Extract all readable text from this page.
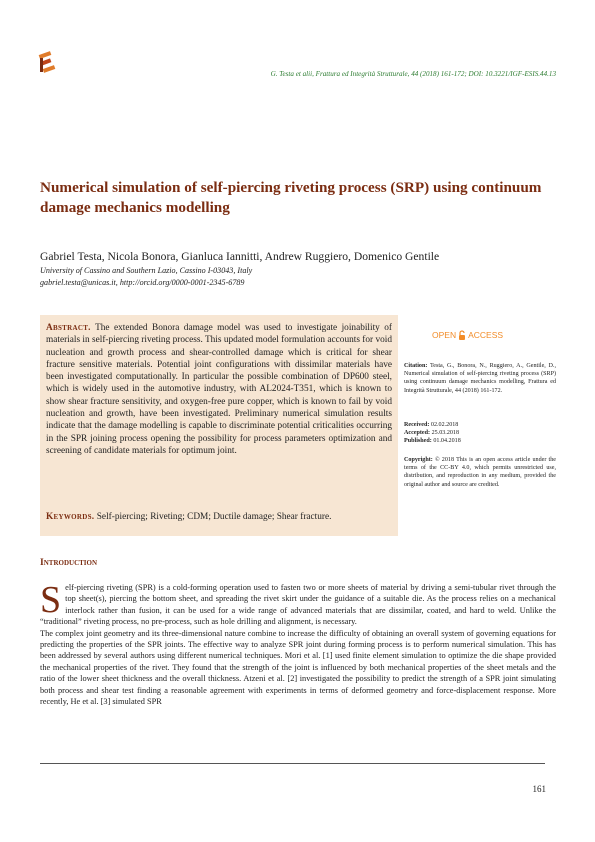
G. Testa et alii, Frattura ed Integrità Strutturale, 44 (2018) 161-172; DOI: 10.3221/IGF-ESIS.44.13
Numerical simulation of self-piercing riveting process (SRP) using continuum damage mechanics modelling
Gabriel Testa, Nicola Bonora, Gianluca Iannitti, Andrew Ruggiero, Domenico Gentile
University of Cassino and Southern Lazio, Cassino I-03043, Italy
gabriel.testa@unicas.it, http://orcid.org/0000-0001-2345-6789

Abstract. The extended Bonora damage model was used to investigate joinability of materials in self-piercing riveting process. This updated model formulation accounts for void nucleation and growth process and shear-controlled damage which is critical for shear fracture sensitive materials. Potential joint configurations with dissimilar materials have been investigated computationally. In particular the possible combination of DP600 steel, which is widely used in the automotive industry, with AL2024-T351, which is known to show shear fracture sensitivity, and oxygen-free pure copper, which is known to fail by void nucleation and growth, have been investigated. Preliminary numerical simulation results indicate that the damage modelling is capable to discriminate potential criticalities occurring in the SPR joining process opening the possibility for process parameters optimization and screening of candidate materials for optimum joint.

Keywords. Self-piercing; Riveting; CDM; Ductile damage; Shear fracture.
OPEN ACCESS
Citation: Testa, G., Bonora, N., Ruggiero, A., Gentile, D., Numerical simulation of self-piercing riveting process (SRP) using continuum damage mechanics modelling, Frattura ed Integrità Strutturale, 44 (2018) 161-172.
Received: 02.02.2018
Accepted: 25.03.2018
Published: 01.04.2018
Copyright: © 2018 This is an open access article under the terms of the CC-BY 4.0, which permits unrestricted use, distribution, and reproduction in any medium, provided the original author and source are credited.
Introduction

Self-piercing riveting (SPR) is a cold-forming operation used to fasten two or more sheets of material by driving a semi-tubular rivet through the top sheet(s), piercing the bottom sheet, and spreading the rivet skirt under the guidance of a suitable die. As the process relies on a mechanical interlock rather than fusion, it can be used for a wide range of advanced materials that are dissimilar, coated, and hard to weld. Unlike the “traditional” riveting process, no pre-process, such as hole drilling and alignment, is necessary.

The complex joint geometry and its three-dimensional nature combine to increase the difficulty of obtaining an overall system of governing equations for predicting the properties of the SPR joints. The effective way to analyze SPR joint during forming process is to perform numerical simulation. This has been addressed by several authors using different numerical techniques. Mori et al. [1] used finite element simulation to optimize the die shape provided the mechanical properties of the rivet. They found that the strength of the joint is influenced by both mechanical properties of the sheet metals and the ratio of the lower sheet thickness and the overall thickness. Atzeni et al. [2] investigated the possibility to predict the strength of a SPR joint simulating both process and shear test finding a reasonable agreement with experiments in terms of deformed geometry and force-displacement response. More recently, He et al. [3] simulated SPR

161
